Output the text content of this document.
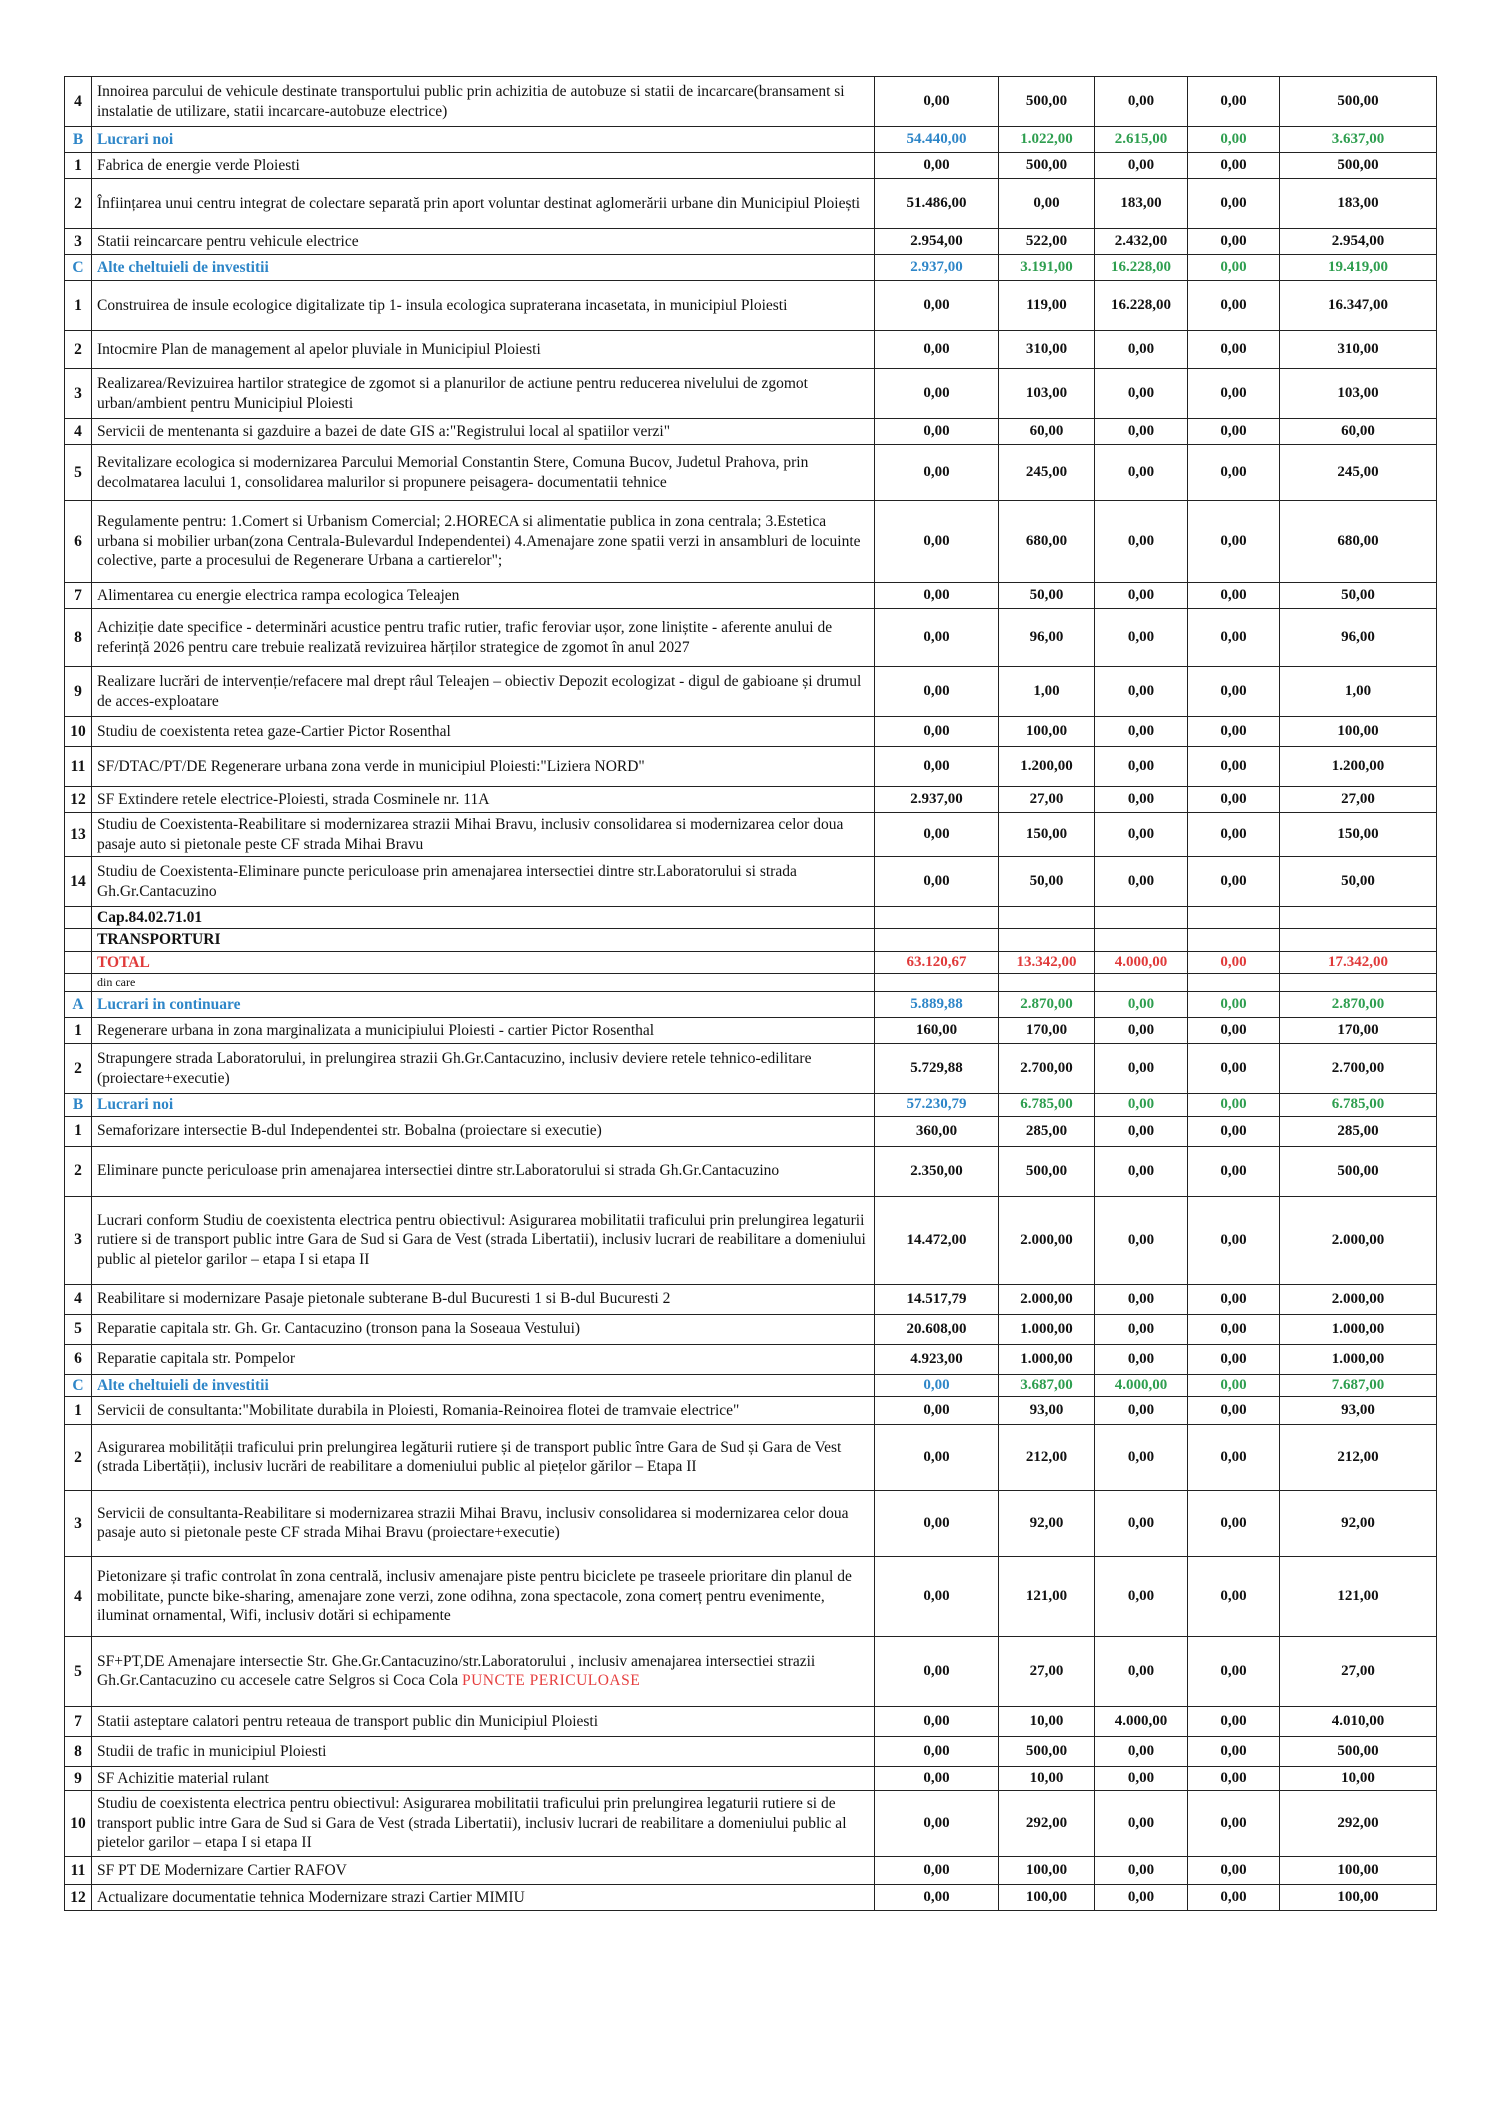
4	Innoirea parcului de vehicule destinate transportului public prin achizitia de autobuze si statii de incarcare(bransament si instalatie de utilizare, statii incarcare-autobuze electrice)	0,00	500,00	0,00	0,00	500,00
B	Lucrari noi	54.440,00	1.022,00	2.615,00	0,00	3.637,00
1	Fabrica de energie verde Ploiesti	0,00	500,00	0,00	0,00	500,00
2	Înființarea unui centru integrat de colectare separată prin aport voluntar destinat aglomerării urbane din Municipiul Ploiești	51.486,00	0,00	183,00	0,00	183,00
3	Statii reincarcare pentru vehicule electrice	2.954,00	522,00	2.432,00	0,00	2.954,00
C	Alte cheltuieli de investitii	2.937,00	3.191,00	16.228,00	0,00	19.419,00
1	Construirea de insule ecologice digitalizate tip 1- insula ecologica supraterana incasetata, in municipiul Ploiesti	0,00	119,00	16.228,00	0,00	16.347,00
2	Intocmire Plan de management al apelor pluviale in Municipiul Ploiesti	0,00	310,00	0,00	0,00	310,00
3	Realizarea/Revizuirea hartilor strategice de zgomot si a planurilor de actiune pentru reducerea nivelului de zgomot urban/ambient pentru Municipiul Ploiesti	0,00	103,00	0,00	0,00	103,00
4	Servicii de mentenanta si gazduire a bazei de date GIS a:"Registrului local al spatiilor verzi"	0,00	60,00	0,00	0,00	60,00
5	Revitalizare ecologica si modernizarea Parcului Memorial Constantin Stere, Comuna Bucov, Judetul Prahova, prin decolmatarea lacului 1, consolidarea malurilor si propunere peisagera- documentatii tehnice	0,00	245,00	0,00	0,00	245,00
6	Regulamente pentru: 1.Comert si Urbanism Comercial; 2.HORECA si alimentatie publica in zona centrala; 3.Estetica urbana si mobilier urban(zona Centrala-Bulevardul Independentei) 4.Amenajare zone spatii verzi in ansambluri de locuinte colective, parte a procesului de Regenerare Urbana a cartierelor";	0,00	680,00	0,00	0,00	680,00
7	Alimentarea cu energie electrica rampa ecologica Teleajen	0,00	50,00	0,00	0,00	50,00
8	Achiziție date specifice - determinări acustice pentru trafic rutier, trafic feroviar ușor, zone liniștite - aferente anului de referință 2026 pentru care trebuie realizată revizuirea hărților strategice de zgomot în anul 2027	0,00	96,00	0,00	0,00	96,00
9	Realizare lucrări de intervenție/refacere mal drept râul Teleajen – obiectiv Depozit ecologizat - digul de gabioane și drumul de acces-exploatare	0,00	1,00	0,00	0,00	1,00
10	Studiu de coexistenta retea gaze-Cartier Pictor Rosenthal	0,00	100,00	0,00	0,00	100,00
11	SF/DTAC/PT/DE Regenerare urbana zona verde in municipiul Ploiesti:"Liziera NORD"	0,00	1.200,00	0,00	0,00	1.200,00
12	SF Extindere retele electrice-Ploiesti, strada Cosminele nr. 11A	2.937,00	27,00	0,00	0,00	27,00
13	Studiu de Coexistenta-Reabilitare si modernizarea strazii Mihai Bravu, inclusiv consolidarea si modernizarea celor doua pasaje auto si pietonale peste CF strada Mihai Bravu	0,00	150,00	0,00	0,00	150,00
14	Studiu de Coexistenta-Eliminare puncte periculoase prin amenajarea intersectiei dintre str.Laboratorului si strada Gh.Gr.Cantacuzino	0,00	50,00	0,00	0,00	50,00
	Cap.84.02.71.01					
	TRANSPORTURI					
	TOTAL	63.120,67	13.342,00	4.000,00	0,00	17.342,00
	din care					
A	Lucrari in continuare	5.889,88	2.870,00	0,00	0,00	2.870,00
1	Regenerare urbana in zona marginalizata a municipiului Ploiesti - cartier Pictor Rosenthal	160,00	170,00	0,00	0,00	170,00
2	Strapungere strada Laboratorului, in prelungirea strazii Gh.Gr.Cantacuzino, inclusiv deviere retele tehnico-edilitare (proiectare+executie)	5.729,88	2.700,00	0,00	0,00	2.700,00
B	Lucrari noi	57.230,79	6.785,00	0,00	0,00	6.785,00
1	Semaforizare intersectie B-dul Independentei str. Bobalna (proiectare si executie)	360,00	285,00	0,00	0,00	285,00
2	Eliminare puncte periculoase prin amenajarea intersectiei dintre str.Laboratorului si strada Gh.Gr.Cantacuzino	2.350,00	500,00	0,00	0,00	500,00
3	Lucrari conform Studiu de coexistenta electrica pentru obiectivul: Asigurarea mobilitatii traficului prin prelungirea legaturii rutiere si de transport public intre Gara de Sud si Gara de Vest (strada Libertatii), inclusiv lucrari de reabilitare a domeniului public al pietelor garilor – etapa I si etapa II	14.472,00	2.000,00	0,00	0,00	2.000,00
4	Reabilitare si modernizare Pasaje pietonale subterane B-dul Bucuresti 1 si B-dul Bucuresti 2	14.517,79	2.000,00	0,00	0,00	2.000,00
5	Reparatie capitala str. Gh. Gr. Cantacuzino (tronson pana la Soseaua Vestului)	20.608,00	1.000,00	0,00	0,00	1.000,00
6	Reparatie capitala str. Pompelor	4.923,00	1.000,00	0,00	0,00	1.000,00
C	Alte cheltuieli de investitii	0,00	3.687,00	4.000,00	0,00	7.687,00
1	Servicii de consultanta:"Mobilitate durabila in Ploiesti, Romania-Reinoirea flotei de tramvaie electrice"	0,00	93,00	0,00	0,00	93,00
2	Asigurarea mobilității traficului prin prelungirea legăturii rutiere și de transport public între Gara de Sud și Gara de Vest (strada Libertății), inclusiv lucrări de reabilitare a domeniului public al piețelor gărilor – Etapa II	0,00	212,00	0,00	0,00	212,00
3	Servicii de consultanta-Reabilitare si modernizarea strazii Mihai Bravu, inclusiv consolidarea si modernizarea celor doua pasaje auto si pietonale peste CF strada Mihai Bravu (proiectare+executie)	0,00	92,00	0,00	0,00	92,00
4	Pietonizare și trafic controlat în zona centrală, inclusiv amenajare piste pentru biciclete pe traseele prioritare din planul de mobilitate, puncte bike-sharing, amenajare zone verzi, zone odihna, zona spectacole, zona comerț pentru evenimente, iluminat ornamental, Wifi, inclusiv dotări si echipamente	0,00	121,00	0,00	0,00	121,00
5	SF+PT,DE Amenajare intersectie Str. Ghe.Gr.Cantacuzino/str.Laboratorului , inclusiv amenajarea intersectiei strazii Gh.Gr.Cantacuzino cu accesele catre Selgros si Coca Cola PUNCTE PERICULOASE	0,00	27,00	0,00	0,00	27,00
7	Statii asteptare calatori pentru reteaua de transport public din Municipiul Ploiesti	0,00	10,00	4.000,00	0,00	4.010,00
8	Studii de trafic in municipiul Ploiesti	0,00	500,00	0,00	0,00	500,00
9	SF Achizitie material rulant	0,00	10,00	0,00	0,00	10,00
10	Studiu de coexistenta electrica pentru obiectivul: Asigurarea mobilitatii traficului prin prelungirea legaturii rutiere si de transport public intre Gara de Sud si Gara de Vest (strada Libertatii), inclusiv lucrari de reabilitare a domeniului public al pietelor garilor – etapa I si etapa II	0,00	292,00	0,00	0,00	292,00
11	SF PT DE Modernizare Cartier RAFOV	0,00	100,00	0,00	0,00	100,00
12	Actualizare documentatie tehnica Modernizare strazi Cartier MIMIU	0,00	100,00	0,00	0,00	100,00
